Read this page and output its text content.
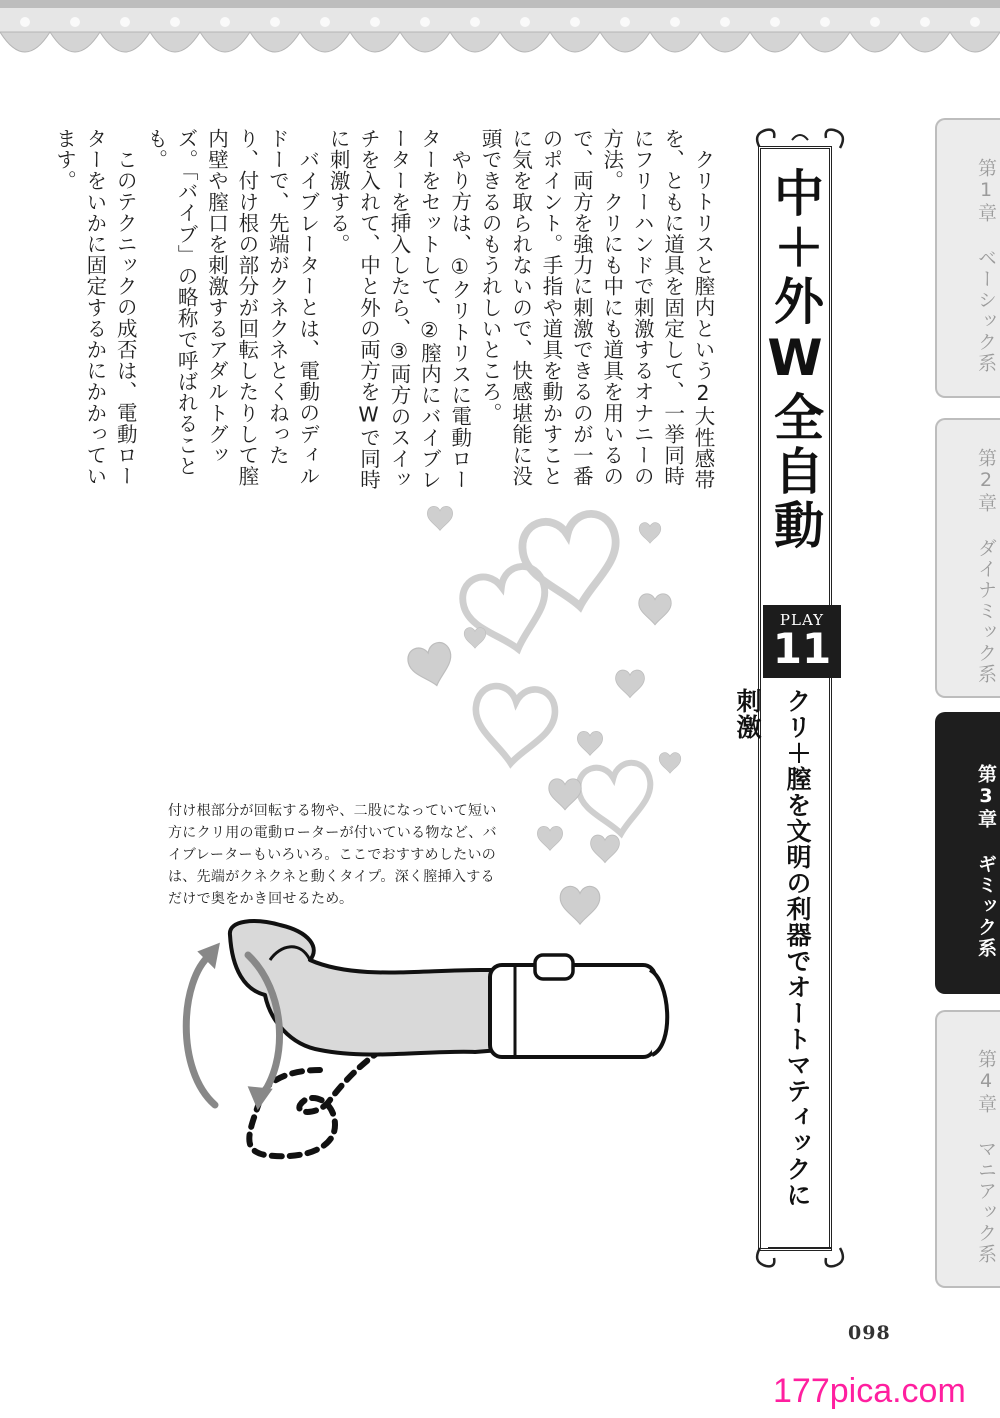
クリトリスと膣内という2大性感帯を、ともに道具を固定して、一挙同時にフリーハンドで刺激するオナニーの方法。クリにも中にも道具を用いるので、両方を強力に刺激できるのが一番のポイント。手指や道具を動かすことに気を取られないので、快感堪能に没頭できるのもうれしいところ。

やり方は、①クリトリスに電動ローターをセットして、②膣内にバイブレーターを挿入したら、③両方のスイッチを入れて、中と外の両方をWで同時に刺激する。

バイブレーターとは、電動のディルドーで、先端がクネクネとくねったり、付け根の部分が回転したりして膣内壁や膣口を刺激するアダルトグッズ。「バイブ」の略称で呼ばれることも。

このテクニックの成否は、電動ローターをいかに固定するかにかかっています。

中＋外W全自動
PLAY
11
クリ＋膣を文明の利器でオートマティックに刺激
第1章 ベーシック系
第2章 ダイナミック系
第3章 ギミック系
第4章 マニアック系
付け根部分が回転する物や、二股になっていて短い方にクリ用の電動ローターが付いている物など、バイブレーターもいろいろ。ここでおすすめしたいのは、先端がクネクネと動くタイプ。深く膣挿入するだけで奥をかき回せるため。
098
177pica.com
